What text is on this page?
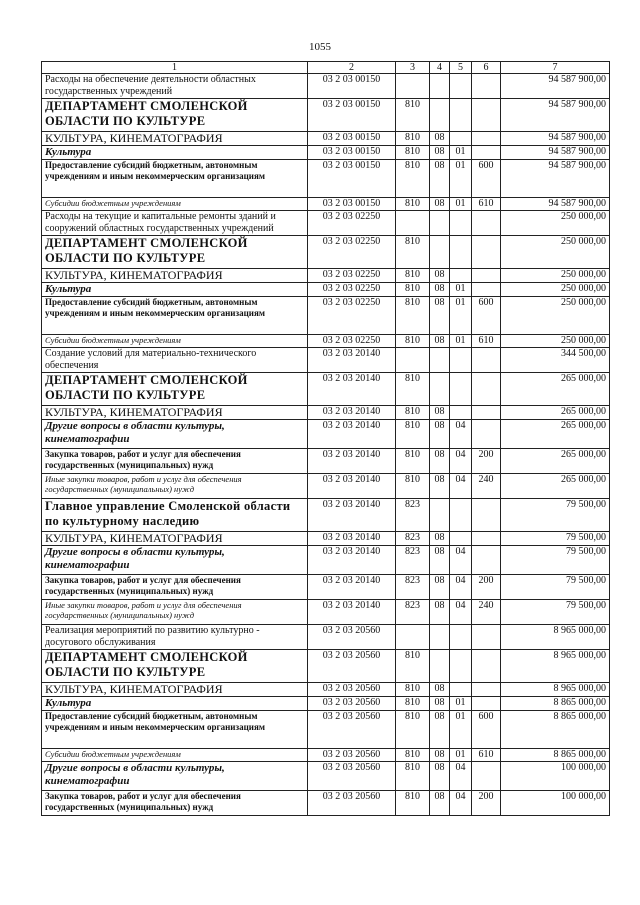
1055
1	2	3	4	5	6	7
Расходы на обеспечение деятельности областных государственных учреждений	03 2 03 00150					94 587 900,00
ДЕПАРТАМЕНТ СМОЛЕНСКОЙ ОБЛАСТИ ПО КУЛЬТУРЕ	03 2 03 00150	810				94 587 900,00
КУЛЬТУРА, КИНЕМАТОГРАФИЯ	03 2 03 00150	810	08			94 587 900,00
Культура	03 2 03 00150	810	08	01		94 587 900,00
Предоставление субсидий бюджетным, автономным учреждениям и иным некоммерческим организациям	03 2 03 00150	810	08	01	600	94 587 900,00
Субсидии бюджетным учреждениям	03 2 03 00150	810	08	01	610	94 587 900,00
Расходы на текущие и капитальные ремонты зданий и сооружений областных государственных учреждений	03 2 03 02250					250 000,00
ДЕПАРТАМЕНТ СМОЛЕНСКОЙ ОБЛАСТИ ПО КУЛЬТУРЕ	03 2 03 02250	810				250 000,00
КУЛЬТУРА, КИНЕМАТОГРАФИЯ	03 2 03 02250	810	08			250 000,00
Культура	03 2 03 02250	810	08	01		250 000,00
Предоставление субсидий бюджетным, автономным учреждениям и иным некоммерческим организациям	03 2 03 02250	810	08	01	600	250 000,00
Субсидии бюджетным учреждениям	03 2 03 02250	810	08	01	610	250 000,00
Создание условий для материально-технического обеспечения	03 2 03 20140					344 500,00
ДЕПАРТАМЕНТ СМОЛЕНСКОЙ ОБЛАСТИ ПО КУЛЬТУРЕ	03 2 03 20140	810				265 000,00
КУЛЬТУРА, КИНЕМАТОГРАФИЯ	03 2 03 20140	810	08			265 000,00
Другие вопросы в области культуры, кинематографии	03 2 03 20140	810	08	04		265 000,00
Закупка товаров, работ и услуг для обеспечения государственных (муниципальных) нужд	03 2 03 20140	810	08	04	200	265 000,00
Иные закупки товаров, работ и услуг для обеспечения государственных (муниципальных) нужд	03 2 03 20140	810	08	04	240	265 000,00
Главное управление Смоленской области по культурному наследию	03 2 03 20140	823				79 500,00
КУЛЬТУРА, КИНЕМАТОГРАФИЯ	03 2 03 20140	823	08			79 500,00
Другие вопросы в области культуры, кинематографии	03 2 03 20140	823	08	04		79 500,00
Закупка товаров, работ и услуг для обеспечения государственных (муниципальных) нужд	03 2 03 20140	823	08	04	200	79 500,00
Иные закупки товаров, работ и услуг для обеспечения государственных (муниципальных) нужд	03 2 03 20140	823	08	04	240	79 500,00
Реализация мероприятий по развитию культурно - досугового обслуживания	03 2 03 20560					8 965 000,00
ДЕПАРТАМЕНТ СМОЛЕНСКОЙ ОБЛАСТИ ПО КУЛЬТУРЕ	03 2 03 20560	810				8 965 000,00
КУЛЬТУРА, КИНЕМАТОГРАФИЯ	03 2 03 20560	810	08			8 965 000,00
Культура	03 2 03 20560	810	08	01		8 865 000,00
Предоставление субсидий бюджетным, автономным учреждениям и иным некоммерческим организациям	03 2 03 20560	810	08	01	600	8 865 000,00
Субсидии бюджетным учреждениям	03 2 03 20560	810	08	01	610	8 865 000,00
Другие вопросы в области культуры, кинематографии	03 2 03 20560	810	08	04		100 000,00
Закупка товаров, работ и услуг для обеспечения государственных (муниципальных) нужд	03 2 03 20560	810	08	04	200	100 000,00
